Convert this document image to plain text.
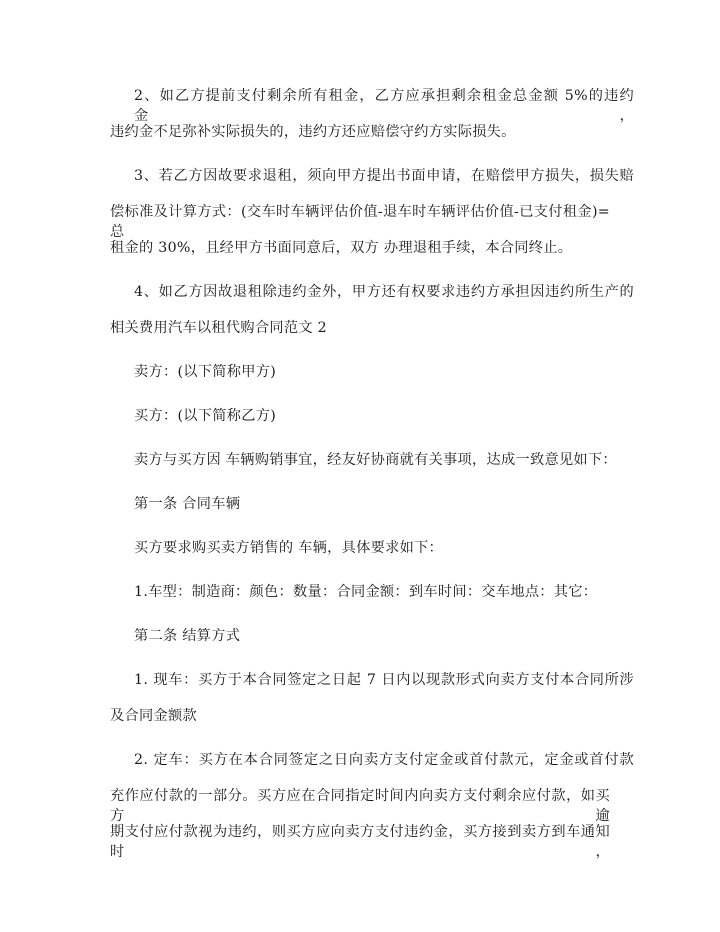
2、如乙方提前支付剩余所有租金，乙方应承担剩余租金总金额 5%的违约金，
违约金不足弥补实际损失的，违约方还应赔偿守约方实际损失。
3、若乙方因故要求退租，须向甲方提出书面申请，在赔偿甲方损失，损失赔
偿标准及计算方式：(交车时车辆评估价值-退车时车辆评估价值-已支付租金)=总
租金的 30%，且经甲方书面同意后，双方 办理退租手续，本合同终止。
4、如乙方因故退租除违约金外，甲方还有权要求违约方承担因违约所生产的
相关费用汽车以租代购合同范文 2
卖方：(以下简称甲方)
买方：(以下简称乙方)
卖方与买方因 车辆购销事宜，经友好协商就有关事项，达成一致意见如下：
第一条 合同车辆
买方要求购买卖方销售的 车辆，具体要求如下：
1.车型：制造商：颜色：数量：合同金额：到车时间：交车地点：其它：
第二条 结算方式
1. 现车：买方于本合同签定之日起 7 日内以现款形式向卖方支付本合同所涉
及合同金额款
2. 定车：买方在本合同签定之日向卖方支付定金或首付款元，定金或首付款
充作应付款的一部分。买方应在合同指定时间内向卖方支付剩余应付款，如买方逾
期支付应付款视为违约，则买方应向卖方支付违约金，买方接到卖方到车通知时，
